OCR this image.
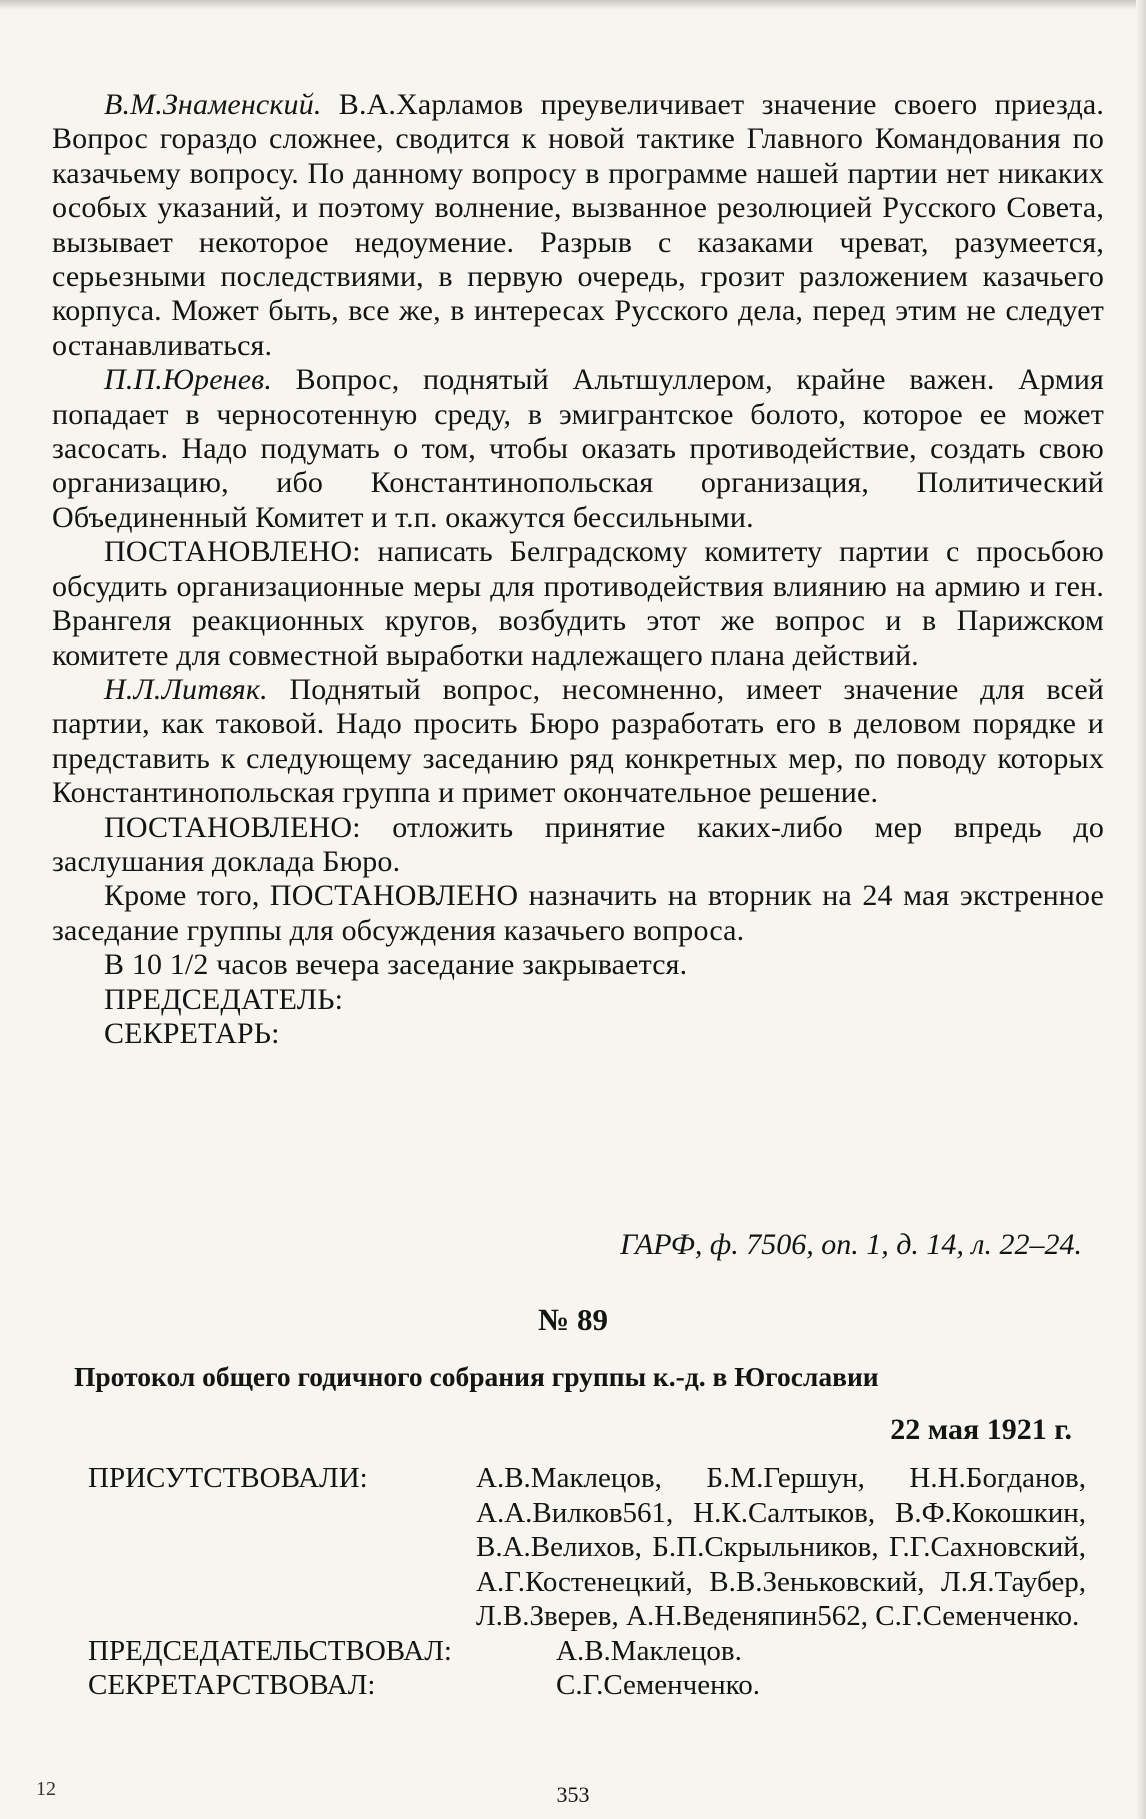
В.М.Знаменский. В.А.Харламов преувеличивает значение своего приезда. Вопрос гораздо сложнее, сводится к новой тактике Главного Командования по казачьему вопросу. По данному вопросу в программе нашей партии нет никаких особых указаний, и поэтому волнение, вызванное резолюцией Русского Совета, вызывает некоторое недоумение. Разрыв с казаками чреват, разумеется, серьезными последствиями, в первую очередь, грозит разложением казачьего корпуса. Может быть, все же, в интересах Русского дела, перед этим не следует останавливаться.

П.П.Юренев. Вопрос, поднятый Альтшуллером, крайне важен. Армия попадает в черносотенную среду, в эмигрантское болото, которое ее может засосать. Надо подумать о том, чтобы оказать противодействие, создать свою организацию, ибо Константинопольская организация, Политический Объединенный Комитет и т.п. окажутся бессильными.

ПОСТАНОВЛЕНО: написать Белградскому комитету партии с просьбою обсудить организационные меры для противодействия влиянию на армию и ген. Врангеля реакционных кругов, возбудить этот же вопрос и в Парижском комитете для совместной выработки надлежащего плана действий.

Н.Л.Литвяк. Поднятый вопрос, несомненно, имеет значение для всей партии, как таковой. Надо просить Бюро разработать его в деловом порядке и представить к следующему заседанию ряд конкретных мер, по поводу которых Константинопольская группа и примет окончательное решение.

ПОСТАНОВЛЕНО: отложить принятие каких-либо мер впредь до заслушания доклада Бюро.

Кроме того, ПОСТАНОВЛЕНО назначить на вторник на 24 мая экстренное заседание группы для обсуждения казачьего вопроса.

В 10 1/2 часов вечера заседание закрывается.

ПРЕДСЕДАТЕЛЬ:

СЕКРЕТАРЬ:

ГАРФ, ф. 7506, оп. 1, д. 14, л. 22–24.

№ 89

Протокол общего годичного собрания группы к.-д. в Югославии

22 мая 1921 г.

ПРИСУТСТВОВАЛИ:	А.В.Маклецов, Б.М.Гершун, Н.Н.Богданов, А.А.Вилков561, Н.К.Салтыков, В.Ф.Кокошкин, В.А.Велихов, Б.П.Скрыльников, Г.Г.Сахновский, А.Г.Костенецкий, В.В.Зеньковский, Л.Я.Таубер, Л.В.Зверев, А.Н.Веденяпин562, С.Г.Семенченко.
ПРЕДСЕДАТЕЛЬСТВОВАЛ:	А.В.Маклецов.
СЕКРЕТАРСТВОВАЛ:	С.Г.Семенченко.

12	353
